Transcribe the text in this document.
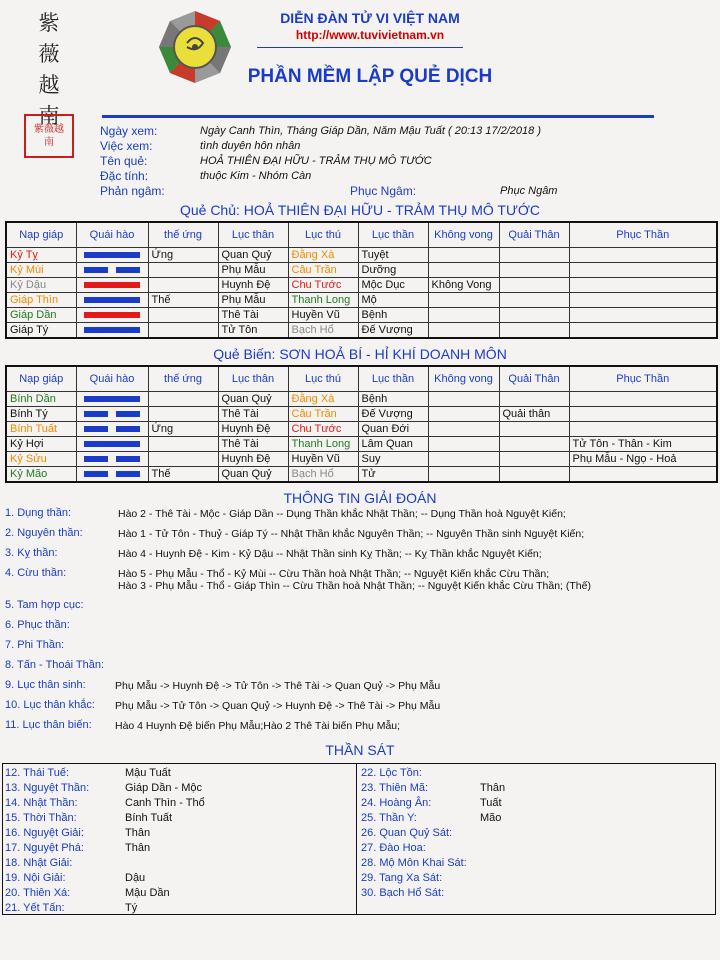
紫
薇
越
南
紫薇越南
DIỄN ĐÀN TỬ VI VIỆT NAM
http://www.tuvivietnam.vn
PHẦN MỀM LẬP QUẺ DỊCH
Ngày xem:	Ngày Canh Thìn, Tháng Giáp Dần, Năm Mậu Tuất ( 20:13 17/2/2018 )
Việc xem:	tình duyên hôn nhân
Tên quẻ:	HOẢ THIÊN ĐẠI HỮU - TRẢM THỤ MÔ TƯỚC
Đặc tính:	thuộc Kim - Nhóm Càn
Phản ngâm:	Phục Ngâm:	Phục Ngâm
Quẻ Chủ: HOẢ THIÊN ĐẠI HỮU - TRẢM THỤ MÔ TƯỚC
Nạp giáp	Quái hào	thế ứng	Lục thân	Lục thú	Lục thần	Không vong	Quải Thân	Phục Thần
Kỷ Tỵ		Ứng	Quan Quỷ	Đằng Xà	Tuyệt			
Kỷ Mùi			Phụ Mẫu	Câu Trần	Dưỡng			
Kỷ Dậu			Huynh Đệ	Chu Tước	Mộc Dục	Không Vong		
Giáp Thìn		Thế	Phụ Mẫu	Thanh Long	Mộ			
Giáp Dần			Thê Tài	Huyền Vũ	Bệnh			
Giáp Tý			Tử Tôn	Bạch Hổ	Đế Vượng			
Quẻ Biến: SƠN HOẢ BÍ - HỈ KHÍ DOANH MÔN
Nạp giáp	Quái hào	thế ứng	Lục thân	Lục thú	Lục thần	Không vong	Quải Thân	Phục Thần
Bính Dần			Quan Quỷ	Đằng Xà	Bệnh			
Bính Tý			Thê Tài	Câu Trần	Đế Vượng		Quải thân	
Bính Tuất		Ứng	Huynh Đệ	Chu Tước	Quan Đới			
Kỷ Hợi			Thê Tài	Thanh Long	Lâm Quan			Tử Tôn - Thân - Kim
Kỷ Sửu			Huynh Đệ	Huyền Vũ	Suy			Phụ Mẫu - Ngọ - Hoả
Kỷ Mão		Thế	Quan Quỷ	Bạch Hổ	Tử			
THÔNG TIN GIẢI ĐOÁN
1. Dụng thần:	Hào 2 - Thê Tài - Mộc - Giáp Dần -- Dụng Thần khắc Nhật Thần; -- Dụng Thần hoà Nguyệt Kiến;
2. Nguyên thần:	Hào 1 - Tử Tôn - Thuỷ - Giáp Tý -- Nhật Thần khắc Nguyên Thần; -- Nguyên Thần sinh Nguyệt Kiến;
3. Kỵ thần:	Hào 4 - Huynh Đệ - Kim - Kỷ Dậu -- Nhật Thần sinh Kỵ Thần; -- Kỵ Thần khắc Nguyệt Kiến;
4. Cừu thần:	Hào 5 - Phụ Mẫu - Thổ - Kỷ Mùi -- Cừu Thần hoà Nhật Thần; -- Nguyệt Kiến khắc Cừu Thần;
Hào 3 - Phụ Mẫu - Thổ - Giáp Thìn -- Cừu Thần hoà Nhật Thần; -- Nguyệt Kiến khắc Cừu Thần; (Thế)
5. Tam hợp cục:
6. Phục thần:
7. Phi Thần:
8. Tấn - Thoái Thần:
9. Lục thân sinh:	Phụ Mẫu -> Huynh Đệ -> Tử Tôn -> Thê Tài -> Quan Quỷ -> Phụ Mẫu
10. Lục thân khắc: Phụ Mẫu -> Tử Tôn -> Quan Quỷ -> Huynh Đệ -> Thê Tài -> Phụ Mẫu
11. Lục thân biến: Hào 4 Huynh Đệ biến Phụ Mẫu;Hào 2 Thê Tài biến Phụ Mẫu;
THẦN SÁT
12. Thái Tuế:	Mậu Tuất
13. Nguyệt Thần:	Giáp Dần - Mộc
14. Nhật Thần:	Canh Thìn - Thổ
15. Thời Thần:	Bính Tuất
16. Nguyệt Giải:	Thân
17. Nguyệt Phá:	Thân
18. Nhật Giải:
19. Nội Giải:	Dậu
20. Thiên Xá:	Mậu Dần
21. Yết Tấn:	Tý
22. Lộc Tồn:
23. Thiên Mã:	Thân
24. Hoàng Ân:	Tuất
25. Thần Y:	Mão
26. Quan Quỷ Sát:
27. Đào Hoa:
28. Mộ Môn Khai Sát:
29. Tang Xa Sát:
30. Bạch Hổ Sát:
